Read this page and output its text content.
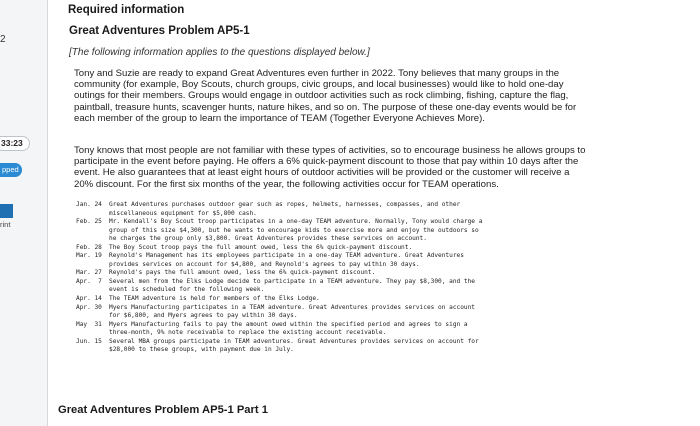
2
33:23
pped
rint
Required information
Great Adventures Problem AP5-1
[The following information applies to the questions displayed below.]
Tony and Suzie are ready to expand Great Adventures even further in 2022. Tony believes that many groups in the
community (for example, Boy Scouts, church groups, civic groups, and local businesses) would like to hold one-day
outings for their members. Groups would engage in outdoor activities such as rock climbing, fishing, capture the flag,
paintball, treasure hunts, scavenger hunts, nature hikes, and so on. The purpose of these one-day events would be for
each member of the group to learn the importance of TEAM (Together Everyone Achieves More).
Tony knows that most people are not familiar with these types of activities, so to encourage business he allows groups to
participate in the event before paying. He offers a 6% quick-payment discount to those that pay within 10 days after the
event. He also guarantees that at least eight hours of outdoor activities will be provided or the customer will receive a
20% discount. For the first six months of the year, the following activities occur for TEAM operations.
Jan. 24	Great Adventures purchases outdoor gear such as ropes, helmets, harnesses, compasses, and other
miscellaneous equipment for $5,800 cash.
Feb. 25	Mr. Kendall's Boy Scout troop participates in a one-day TEAM adventure. Normally, Tony would charge a
group of this size $4,300, but he wants to encourage kids to exercise more and enjoy the outdoors so
he charges the group only $3,800. Great Adventures provides these services on account.
Feb. 28	The Boy Scout troop pays the full amount owed, less the 6% quick-payment discount.
Mar. 19	Reynold's Management has its employees participate in a one-day TEAM adventure. Great Adventures
provides services on account for $4,800, and Reynold's agrees to pay within 30 days.
Mar. 27	Reynold's pays the full amount owed, less the 6% quick-payment discount.
Apr.  7	Several men from the Elks Lodge decide to participate in a TEAM adventure. They pay $8,300, and the
event is scheduled for the following week.
Apr. 14	The TEAM adventure is held for members of the Elks Lodge.
Apr. 30	Myers Manufacturing participates in a TEAM adventure. Great Adventures provides services on account
for $6,800, and Myers agrees to pay within 30 days.
May  31	Myers Manufacturing fails to pay the amount owed within the specified period and agrees to sign a
three-month, 9% note receivable to replace the existing account receivable.
Jun. 15	Several MBA groups participate in TEAM adventures. Great Adventures provides services on account for
$28,000 to these groups, with payment due in July.
Great Adventures Problem AP5-1 Part 1
